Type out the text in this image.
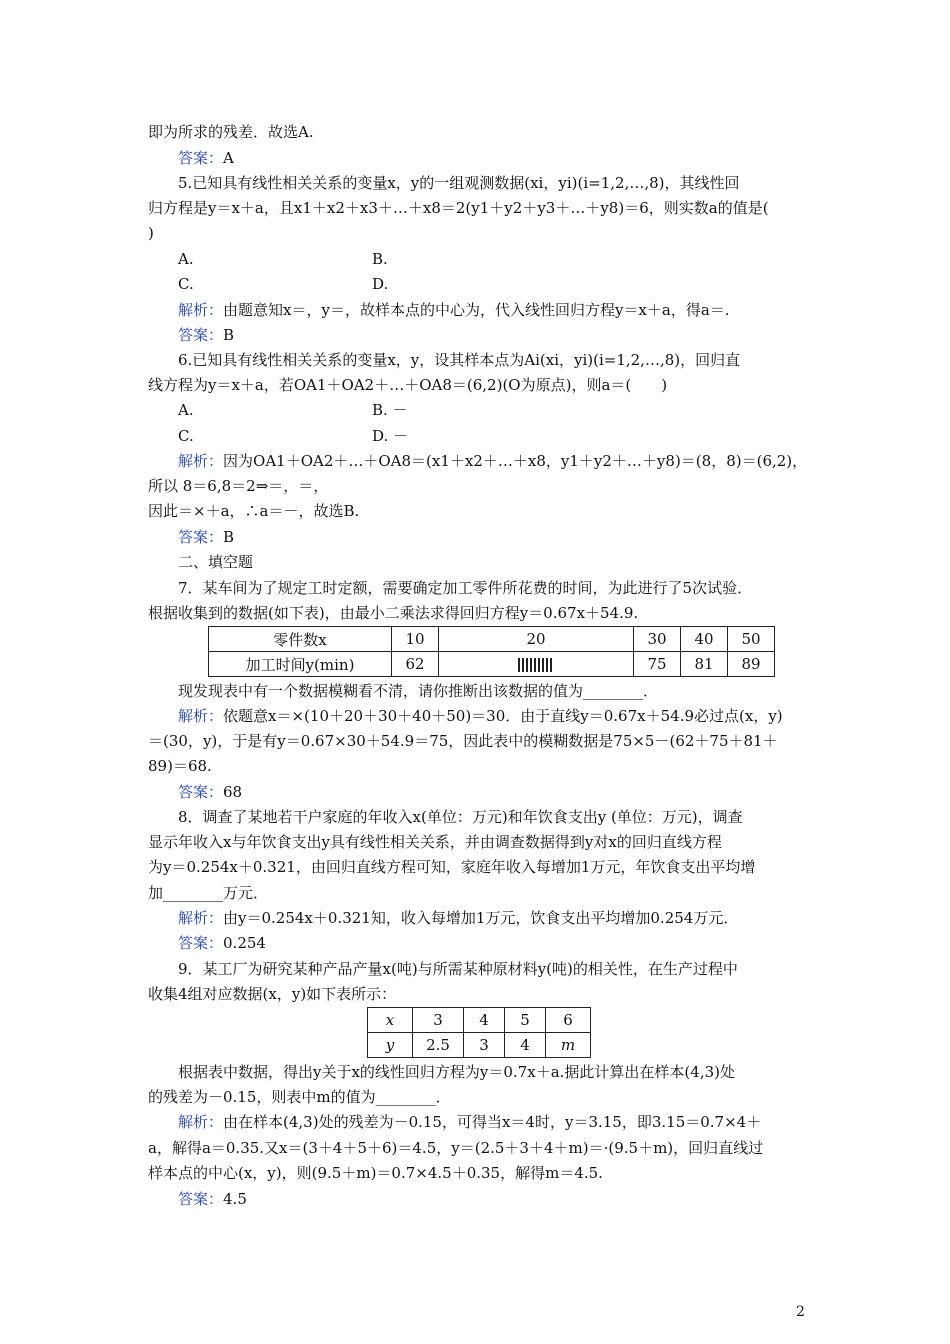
即为所求的残差．故选A.
答案：A
5.已知具有线性相关关系的变量x，y的一组观测数据(xi，yi)(i=1,2,…,8)，其线性回
归方程是y＝x＋a，且x1＋x2＋x3＋…＋x8＝2(y1＋y2＋y3＋…＋y8)＝6，则实数a的值是(
)
A.	B.
C.	D.
解析：由题意知x＝，y＝，故样本点的中心为，代入线性回归方程y＝x＋a，得a＝.
答案：B
6.已知具有线性相关关系的变量x，y，设其样本点为Ai(xi，yi)(i=1,2,…,8)，回归直
线方程为y＝x＋a，若OA1＋OA2＋…＋OA8＝(6,2)(O为原点)，则a＝(　　)
A.	B. －
C.	D. －
解析：因为OA1＋OA2＋…＋OA8＝(x1＋x2＋…＋x8，y1＋y2＋…＋y8)＝(8，8)＝(6,2)，
所以 8＝6,8＝2⇒＝，＝，
因此＝×＋a，∴a＝－，故选B.
答案：B
二、填空题
7．某车间为了规定工时定额，需要确定加工零件所花费的时间，为此进行了5次试验．
根据收集到的数据(如下表)，由最小二乘法求得回归方程y＝0.67x＋54.9.
零件数x	10	20	30	40	50
加工时间y(min)	62		75	81	89
现发现表中有一个数据模糊看不清，请你推断出该数据的值为________．
解析：依题意x＝×(10＋20＋30＋40＋50)＝30．由于直线y＝0.67x＋54.9必过点(x，y)
＝(30，y)，于是有y＝0.67×30＋54.9＝75，因此表中的模糊数据是75×5－(62＋75＋81＋
89)＝68.
答案：68
8．调查了某地若干户家庭的年收入x(单位：万元)和年饮食支出y (单位：万元)，调查
显示年收入x与年饮食支出y具有线性相关关系，并由调查数据得到y对x的回归直线方程
为y＝0.254x＋0.321，由回归直线方程可知，家庭年收入每增加1万元，年饮食支出平均增
加________万元．
解析：由y＝0.254x＋0.321知，收入每增加1万元，饮食支出平均增加0.254万元．
答案：0.254
9．某工厂为研究某种产品产量x(吨)与所需某种原材料y(吨)的相关性，在生产过程中
收集4组对应数据(x，y)如下表所示：
x	3	4	5	6
y	2.5	3	4	m
根据表中数据，得出y关于x的线性回归方程为y＝0.7x＋a.据此计算出在样本(4,3)处
的残差为－0.15，则表中m的值为________．
解析：由在样本(4,3)处的残差为－0.15，可得当x＝4时，y＝3.15，即3.15＝0.7×4＋
a，解得a＝0.35.又x＝(3＋4＋5＋6)＝4.5，y＝(2.5＋3＋4＋m)＝·(9.5＋m)，回归直线过
样本点的中心(x，y)，则(9.5＋m)＝0.7×4.5＋0.35，解得m＝4.5.
答案：4.5
2
